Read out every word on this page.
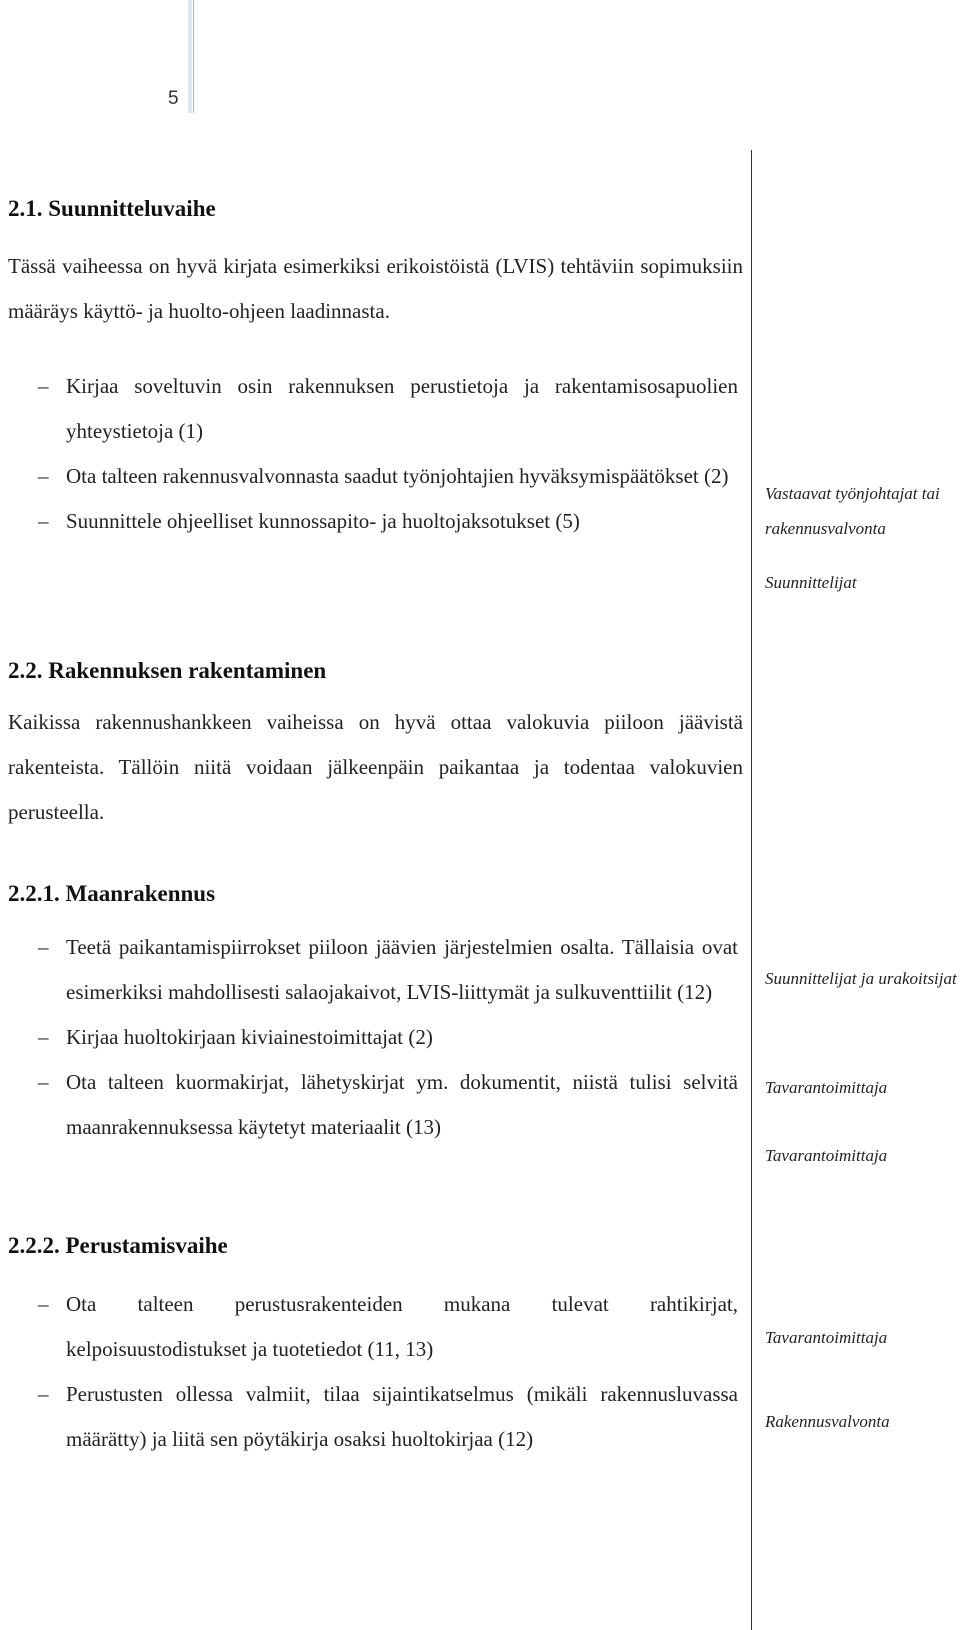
5
2.1. Suunnitteluvaihe
Tässä vaiheessa on hyvä kirjata esimerkiksi erikoistöistä (LVIS) tehtäviin sopimuksiin määräys käyttö- ja huolto-ohjeen laadinnasta.
– Kirjaa soveltuvin osin rakennuksen perustietoja ja rakentamisosapuolien yhteystietoja (1)
– Ota talteen rakennusvalvonnasta saadut työnjohtajien hyväksymispäätökset (2)
– Suunnittele ohjeelliset kunnossapito- ja huoltojaksotukset (5)
Vastaavat työnjohtajat tai rakennusvalvonta
Suunnittelijat
2.2. Rakennuksen rakentaminen
Kaikissa rakennushankkeen vaiheissa on hyvä ottaa valokuvia piiloon jäävistä rakenteista. Tällöin niitä voidaan jälkeenpäin paikantaa ja todentaa valokuvien perusteella.
2.2.1. Maanrakennus
– Teetä paikantamispiirrokset piiloon jäävien järjestelmien osalta. Tällaisia ovat esimerkiksi mahdollisesti salaojakaivot, LVIS-liittymät ja sulkuventtiilit (12)
– Kirjaa huoltokirjaan kiviainestoimittajat (2)
– Ota talteen kuormakirjat, lähetyskirjat ym. dokumentit, niistä tulisi selvitä maanrakennuksessa käytetyt materiaalit (13)
Suunnittelijat ja urakoitsijat
Tavarantoimittaja
Tavarantoimittaja
2.2.2. Perustamisvaihe
– Ota talteen perustusrakenteiden mukana tulevat rahtikirjat, kelpoisuustodistukset ja tuotetiedot (11, 13)
– Perustusten ollessa valmiit, tilaa sijaintikatselmus (mikäli rakennusluvassa määrätty) ja liitä sen pöytäkirja osaksi huoltokirjaa (12)
Tavarantoimittaja
Rakennusvalvonta
